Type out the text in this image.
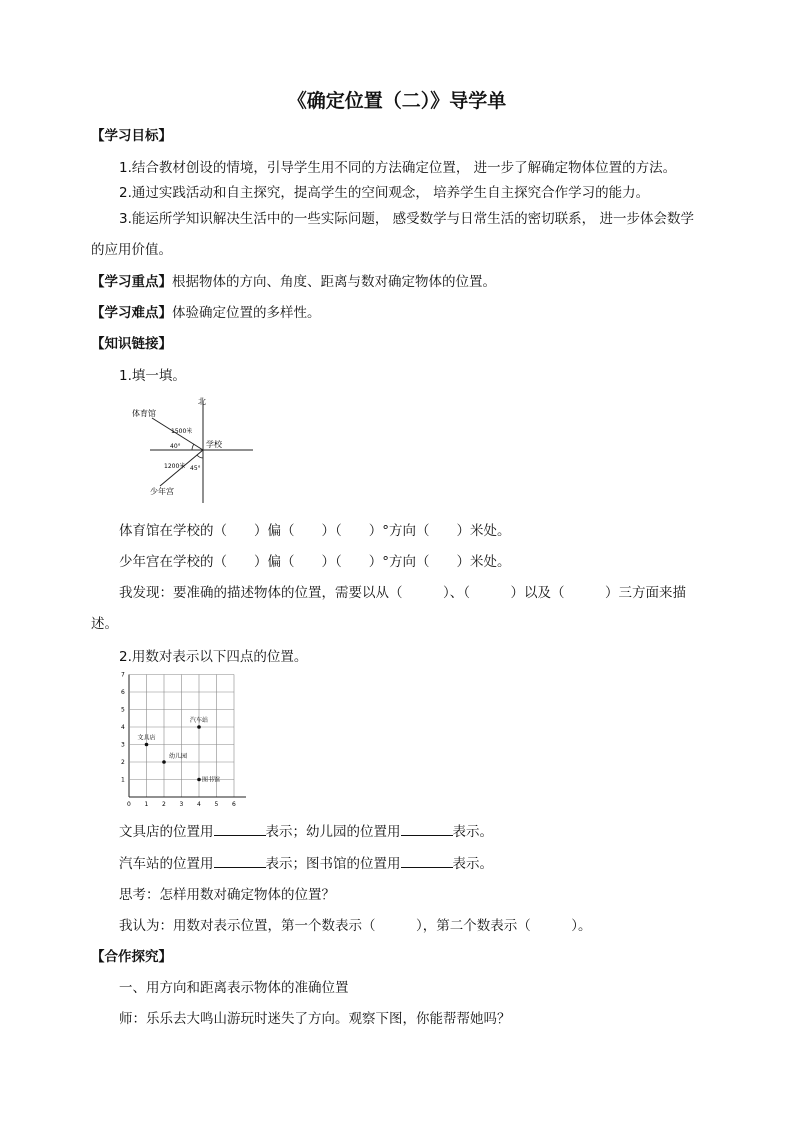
《确定位置（二）》导学单
【学习目标】
1.结合教材创设的情境，引导学生用不同的方法确定位置， 进一步了解确定物体位置的方法。
2.通过实践活动和自主探究，提高学生的空间观念， 培养学生自主探究合作学习的能力。
3.能运所学知识解决生活中的一些实际问题， 感受数学与日常生活的密切联系， 进一步体会数学
的应用价值。
【学习重点】根据物体的方向、角度、距离与数对确定物体的位置。
【学习难点】体验确定位置的多样性。
【知识链接】
1.填一填。
北
学校
体育馆
少年宫
1500米
1200米
40°
45°
体育馆在学校的（　　）偏（　　）（　　）°方向（　　）米处。
少年宫在学校的（　　）偏（　　）（　　）°方向（　　）米处。
我发现：要准确的描述物体的位置，需要以从（　　　）、（　　　）以及（　　　）三方面来描
述。
2.用数对表示以下四点的位置。
0 1 2 3 4 5 6
1
2
3
4
5
6
7
文具店
幼儿园
汽车站
图书馆
文具店的位置用	表示；幼儿园的位置用	表示。
汽车站的位置用	表示；图书馆的位置用	表示。
思考：怎样用数对确定物体的位置？
我认为：用数对表示位置，第一个数表示（　　　），第二个数表示（　　　）。
【合作探究】
一、用方向和距离表示物体的准确位置
师：乐乐去大鸣山游玩时迷失了方向。观察下图，你能帮帮她吗？
